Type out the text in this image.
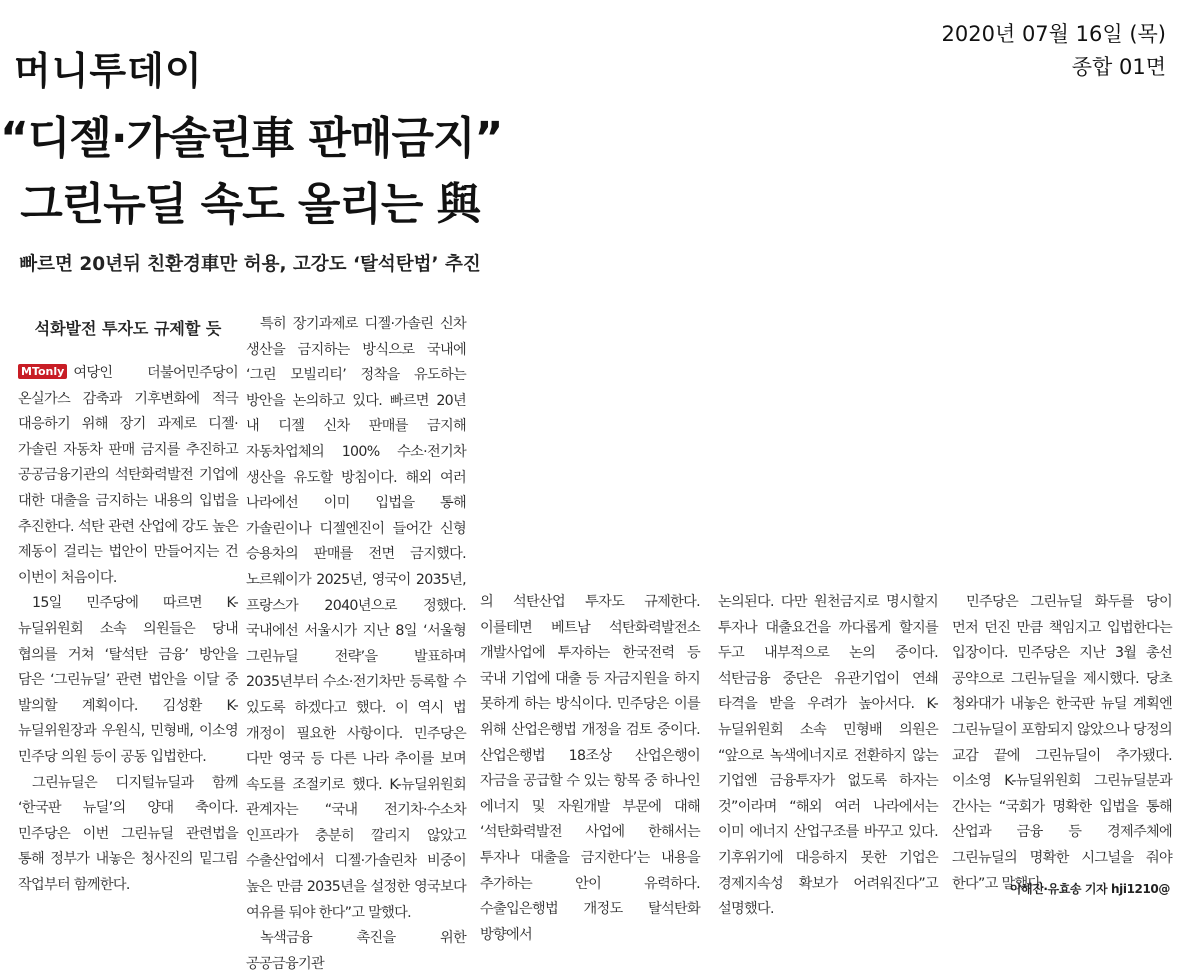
머니투데이
2020년 07월 16일 (목)
종합 01면
“디젤·가솔린車 판매금지”
그린뉴딜 속도 올리는 與
빠르면 20년뒤 친환경車만 허용, 고강도 ‘탈석탄법’ 추진
석화발전 투자도 규제할 듯

MTonly 여당인 더불어민주당이 온실가스 감축과 기후변화에 적극 대응하기 위해 장기 과제로 디젤·가솔린 자동차 판매 금지를 추진하고 공공금융기관의 석탄화력발전 기업에 대한 대출을 금지하는 내용의 입법을 추진한다. 석탄 관련 산업에 강도 높은 제동이 걸리는 법안이 만들어지는 건 이번이 처음이다.

15일 민주당에 따르면 K-뉴딜위원회 소속 의원들은 당내 협의를 거쳐 ‘탈석탄 금융’ 방안을 담은 ‘그린뉴딜’ 관련 법안을 이달 중 발의할 계획이다. 김성환 K-뉴딜위원장과 우원식, 민형배, 이소영 민주당 의원 등이 공동 입법한다.

그린뉴딜은 디지털뉴딜과 함께 ‘한국판 뉴딜’의 양대 축이다. 민주당은 이번 그린뉴딜 관련법을 통해 정부가 내놓은 청사진의 밑그림 작업부터 함께한다.

특히 장기과제로 디젤·가솔린 신차 생산을 금지하는 방식으로 국내에 ‘그린 모빌리티’ 정착을 유도하는 방안을 논의하고 있다. 빠르면 20년 내 디젤 신차 판매를 금지해 자동차업체의 100% 수소·전기차 생산을 유도할 방침이다. 해외 여러 나라에선 이미 입법을 통해 가솔린이나 디젤엔진이 들어간 신형 승용차의 판매를 전면 금지했다. 노르웨이가 2025년, 영국이 2035년, 프랑스가 2040년으로 정했다. 국내에선 서울시가 지난 8일 ‘서울형 그린뉴딜 전략’을 발표하며 2035년부터 수소·전기차만 등록할 수 있도록 하겠다고 했다. 이 역시 법 개정이 필요한 사항이다. 민주당은 다만 영국 등 다른 나라 추이를 보며 속도를 조절키로 했다. K-뉴딜위원회 관계자는 “국내 전기차·수소차 인프라가 충분히 깔리지 않았고 수출산업에서 디젤·가솔린차 비중이 높은 만큼 2035년을 설정한 영국보다 여유를 둬야 한다”고 말했다.

녹색금융 촉진을 위한 공공금융기관

의 석탄산업 투자도 규제한다. 이를테면 베트남 석탄화력발전소 개발사업에 투자하는 한국전력 등 국내 기업에 대출 등 자금지원을 하지 못하게 하는 방식이다. 민주당은 이를 위해 산업은행법 개정을 검토 중이다. 산업은행법 18조상 산업은행이 자금을 공급할 수 있는 항목 중 하나인 에너지 및 자원개발 부문에 대해 ‘석탄화력발전 사업에 한해서는 투자나 대출을 금지한다’는 내용을 추가하는 안이 유력하다. 수출입은행법 개정도 탈석탄화 방향에서

논의된다. 다만 원천금지로 명시할지 투자나 대출요건을 까다롭게 할지를 두고 내부적으로 논의 중이다. 석탄금융 중단은 유관기업이 연쇄 타격을 받을 우려가 높아서다. K-뉴딜위원회 소속 민형배 의원은 “앞으로 녹색에너지로 전환하지 않는 기업엔 금융투자가 없도록 하자는 것”이라며 “해외 여러 나라에서는 이미 에너지 산업구조를 바꾸고 있다. 기후위기에 대응하지 못한 기업은 경제지속성 확보가 어려워진다”고 설명했다.

민주당은 그린뉴딜 화두를 당이 먼저 던진 만큼 책임지고 입법한다는 입장이다. 민주당은 지난 3월 총선 공약으로 그린뉴딜을 제시했다. 당초 청와대가 내놓은 한국판 뉴딜 계획엔 그린뉴딜이 포함되지 않았으나 당정의 교감 끝에 그린뉴딜이 추가됐다. 이소영 K-뉴딜위원회 그린뉴딜분과 간사는 “국회가 명확한 입법을 통해 산업과 금융 등 경제주체에 그린뉴딜의 명확한 시그널을 줘야 한다”고 말했다.

이해진·유효송 기자 hji1210@
